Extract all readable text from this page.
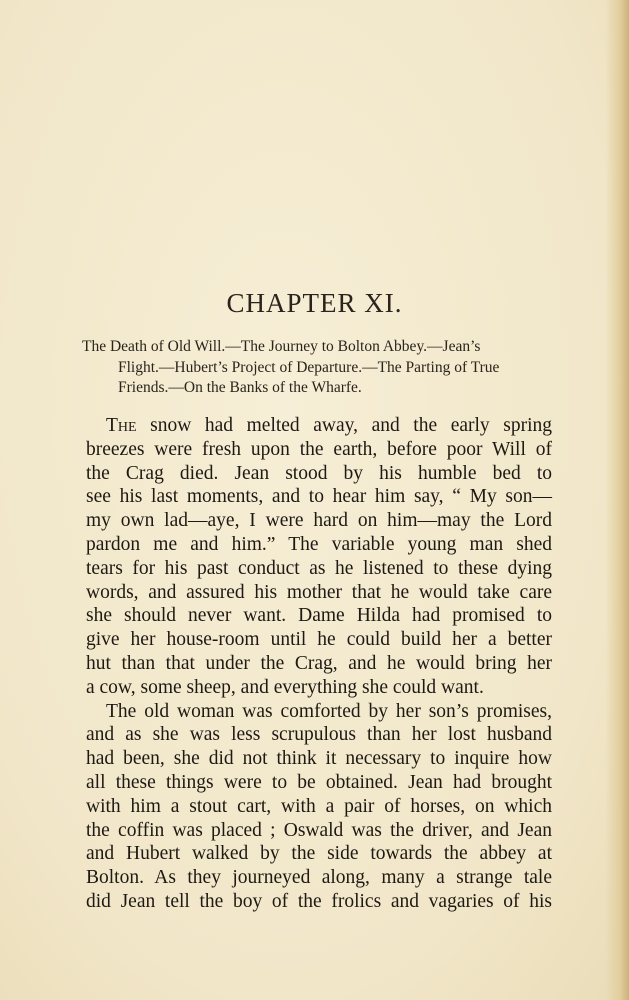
CHAPTER XI.
The Death of Old Will.—The Journey to Bolton Abbey.—Jean’s
Flight.—Hubert’s Project of Departure.—The Parting of True
Friends.—On the Banks of the Wharfe.
The snow had melted away, and the early spring
breezes were fresh upon the earth, before poor Will of
the Crag died. Jean stood by his humble bed to
see his last moments, and to hear him say, “ My son—
my own lad—aye, I were hard on him—may the Lord
pardon me and him.” The variable young man shed
tears for his past conduct as he listened to these dying
words, and assured his mother that he would take care
she should never want. Dame Hilda had promised to
give her house-room until he could build her a better
hut than that under the Crag, and he would bring her
a cow, some sheep, and everything she could want.
The old woman was comforted by her son’s promises,
and as she was less scrupulous than her lost husband
had been, she did not think it necessary to inquire how
all these things were to be obtained. Jean had brought
with him a stout cart, with a pair of horses, on which
the coffin was placed ; Oswald was the driver, and Jean
and Hubert walked by the side towards the abbey at
Bolton. As they journeyed along, many a strange tale
did Jean tell the boy of the frolics and vagaries of his
